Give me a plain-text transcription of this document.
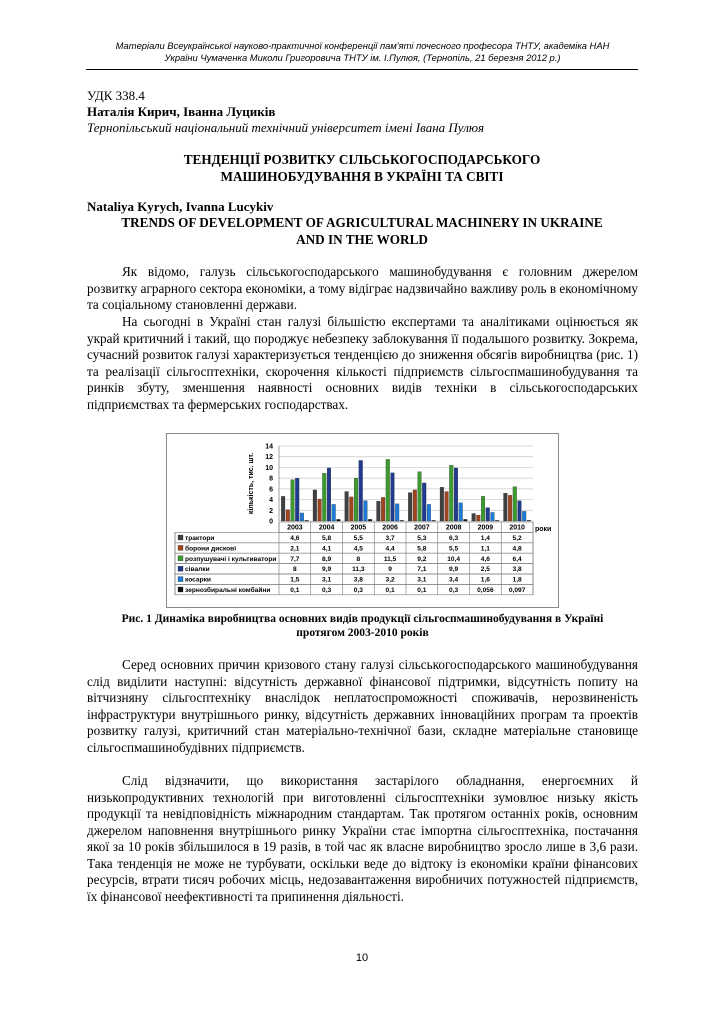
Матеріали Всеукраїнської науково-практичної конференції пам'яті почесного професора ТНТУ, академіка НАН
України Чумаченка Миколи Григоровича ТНТУ ім. І.Пулюя, (Тернопіль, 21 березня 2012 р.)
УДК 338.4
Наталія Кирич, Іванна Луциків
Тернопільський національний технічний університет імені Івана Пулюя
ТЕНДЕНЦІЇ РОЗВИТКУ СІЛЬСЬКОГОСПОДАРСЬКОГО
МАШИНОБУДУВАННЯ В УКРАЇНІ ТА СВІТІ
Nataliya Kyrych, Ivanna Lucykiv
TRENDS OF DEVELOPMENT OF AGRICULTURAL MACHINERY IN UKRAINE
AND IN THE WORLD

Як відомо, галузь сільськогосподарського машинобудування є головним джерелом розвитку аграрного сектора економіки, а тому відіграє надзвичайно важливу роль в економічному та соціальному становленні держави.

На сьогодні в Україні стан галузі більшістю експертами та аналітиками оцінюється як украй критичний і такий, що породжує небезпеку заблокування її подальшого розвитку. Зокрема, сучасний розвиток галузі характеризується тенденцією до зниження обсягів виробництва (рис. 1) та реалізації сільгосптехніки, скорочення кількості підприємств сільгоспмашинобудування та ринків збуту, зменшення наявності основних видів техніки в сільськогосподарських підприємствах та фермерських господарствах.

0
2
4
6
8
10
12
14
кількість, тис. шт.
2003 2004 2005 2006 2007 2008 2009 2010 роки
трактори	4,6	5,8	5,5	3,7	5,3	6,3	1,4	5,2
борони дискові	2,1	4,1	4,5	4,4	5,8	5,5	1,1	4,8
розпушувачі і культиватори 7,7	8,9	8	11,5	9,2	10,4	4,6	6,4
сівалки	8	9,9	11,3	9	7,1	9,9	2,5	3,8
косарки	1,5	3,1	3,8	3,2	3,1	3,4	1,6	1,8
зернозбиральні комбайни	0,1	0,3	0,3	0,1	0,1	0,3	0,056 0,097
Рис. 1 Динаміка виробництва основних видів продукції сільгоспмашинобудування в Україні
протягом 2003-2010 років

Серед основних причин кризового стану галузі сільськогосподарського машинобудування слід виділити наступні: відсутність державної фінансової підтримки, відсутність попиту на вітчизняну сільгосптехніку внаслідок неплатоспроможності споживачів, нерозвиненість інфраструктури внутрішнього ринку, відсутність державних інноваційних програм та проектів розвитку галузі, критичний стан матеріально-технічної бази, складне матеріальне становище сільгоспмашинобудівних підприємств.

Слід відзначити, що використання застарілого обладнання, енергоємних й низькопродуктивних технологій при виготовленні сільгосптехніки зумовлює низьку якість продукції та невідповідність міжнародним стандартам. Так протягом останніх років, основним джерелом наповнення внутрішнього ринку України стає імпортна сільгосптехніка, постачання якої за 10 років збільшилося в 19 разів, в той час як власне виробництво зросло лише в 3,6 рази. Така тенденція не може не турбувати, оскільки веде до відтоку із економіки країни фінансових ресурсів, втрати тисяч робочих місць, недозавантаження виробничих потужностей підприємств, їх фінансової неефективності та припинення діяльності.

10
